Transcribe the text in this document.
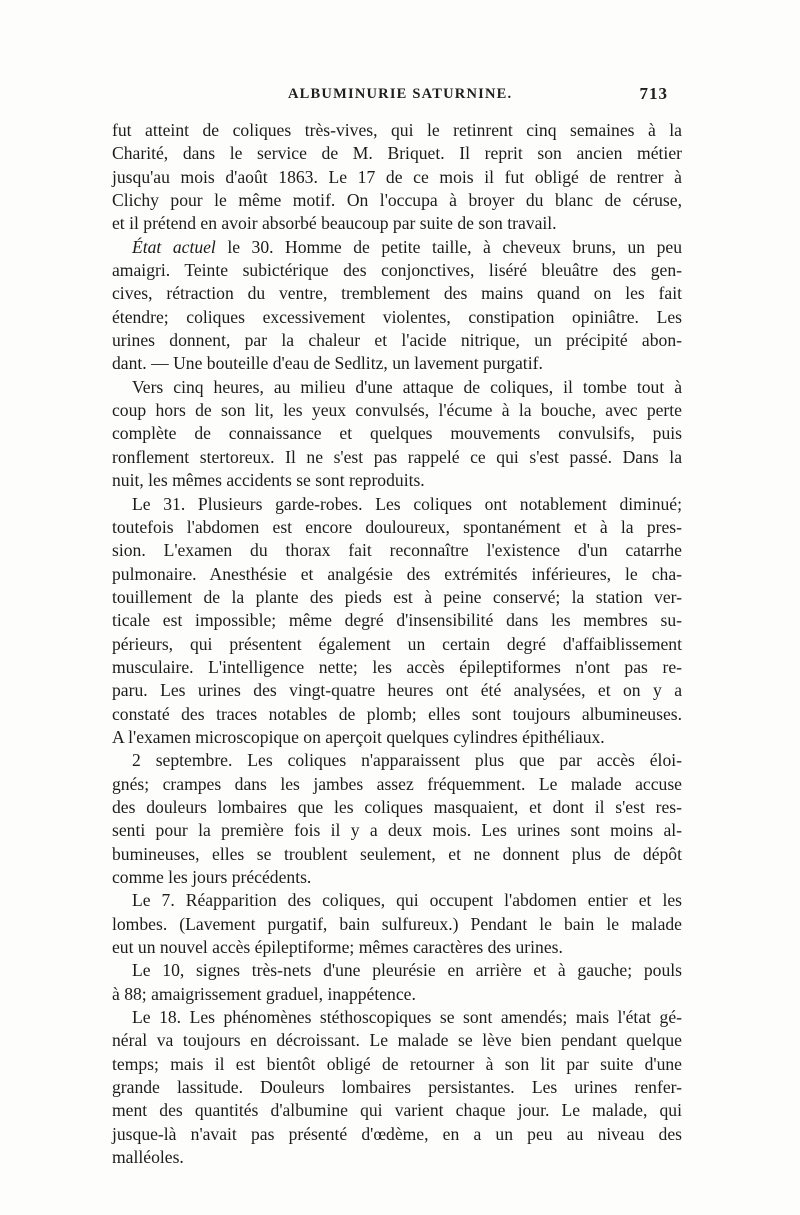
ALBUMINURIE SATURNINE.	713
fut atteint de coliques très-vives, qui le retinrent cinq semaines à la
Charité, dans le service de M. Briquet. Il reprit son ancien métier
jusqu'au mois d'août 1863. Le 17 de ce mois il fut obligé de rentrer à
Clichy pour le même motif. On l'occupa à broyer du blanc de céruse,
et il prétend en avoir absorbé beaucoup par suite de son travail.
État actuel le 30. Homme de petite taille, à cheveux bruns, un peu
amaigri. Teinte subictérique des conjonctives, liséré bleuâtre des gen-
cives, rétraction du ventre, tremblement des mains quand on les fait
étendre; coliques excessivement violentes, constipation opiniâtre. Les
urines donnent, par la chaleur et l'acide nitrique, un précipité abon-
dant. — Une bouteille d'eau de Sedlitz, un lavement purgatif.
Vers cinq heures, au milieu d'une attaque de coliques, il tombe tout à
coup hors de son lit, les yeux convulsés, l'écume à la bouche, avec perte
complète de connaissance et quelques mouvements convulsifs, puis
ronflement stertoreux. Il ne s'est pas rappelé ce qui s'est passé. Dans la
nuit, les mêmes accidents se sont reproduits.
Le 31. Plusieurs garde-robes. Les coliques ont notablement diminué;
toutefois l'abdomen est encore douloureux, spontanément et à la pres-
sion. L'examen du thorax fait reconnaître l'existence d'un catarrhe
pulmonaire. Anesthésie et analgésie des extrémités inférieures, le cha-
touillement de la plante des pieds est à peine conservé; la station ver-
ticale est impossible; même degré d'insensibilité dans les membres su-
périeurs, qui présentent également un certain degré d'affaiblissement
musculaire. L'intelligence nette; les accès épileptiformes n'ont pas re-
paru. Les urines des vingt-quatre heures ont été analysées, et on y a
constaté des traces notables de plomb; elles sont toujours albumineuses.
A l'examen microscopique on aperçoit quelques cylindres épithéliaux.
2 septembre. Les coliques n'apparaissent plus que par accès éloi-
gnés; crampes dans les jambes assez fréquemment. Le malade accuse
des douleurs lombaires que les coliques masquaient, et dont il s'est res-
senti pour la première fois il y a deux mois. Les urines sont moins al-
bumineuses, elles se troublent seulement, et ne donnent plus de dépôt
comme les jours précédents.
Le 7. Réapparition des coliques, qui occupent l'abdomen entier et les
lombes. (Lavement purgatif, bain sulfureux.) Pendant le bain le malade
eut un nouvel accès épileptiforme; mêmes caractères des urines.
Le 10, signes très-nets d'une pleurésie en arrière et à gauche; pouls
à 88; amaigrissement graduel, inappétence.
Le 18. Les phénomènes stéthoscopiques se sont amendés; mais l'état gé-
néral va toujours en décroissant. Le malade se lève bien pendant quelque
temps; mais il est bientôt obligé de retourner à son lit par suite d'une
grande lassitude. Douleurs lombaires persistantes. Les urines renfer-
ment des quantités d'albumine qui varient chaque jour. Le malade, qui
jusque-là n'avait pas présenté d'œdème, en a un peu au niveau des
malléoles.
